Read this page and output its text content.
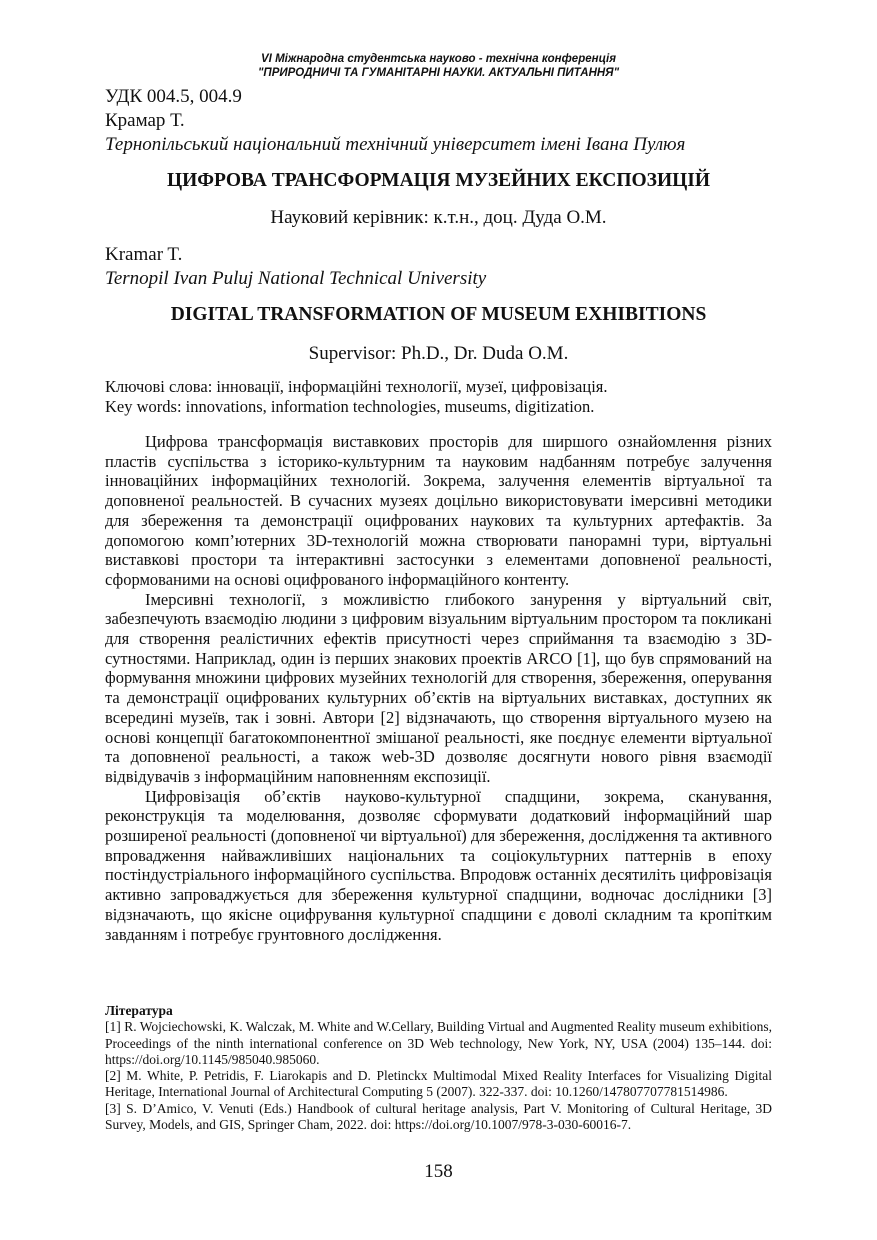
VI Міжнародна студентська науково - технічна конференція
"ПРИРОДНИЧІ ТА ГУМАНІТАРНІ НАУКИ. АКТУАЛЬНІ ПИТАННЯ"
УДК 004.5, 004.9
Крамар Т.
Тернопільський національний технічний університет імені Івана Пулюя
ЦИФРОВА ТРАНСФОРМАЦІЯ МУЗЕЙНИХ ЕКСПОЗИЦІЙ
Науковий керівник: к.т.н., доц. Дуда О.М.
Kramar T.
Ternopil Ivan Puluj National Technical University
DIGITAL TRANSFORMATION OF MUSEUM EXHIBITIONS
Supervisor: Ph.D., Dr. Duda O.M.
Ключові слова: інновації, інформаційні технології, музеї, цифровізація.
Key words: innovations, information technologies, museums, digitization.

Цифрова трансформація виставкових просторів для ширшого ознайомлення різних пластів суспільства з історико-культурним та науковим надбанням потребує залучення інноваційних інформаційних технологій. Зокрема, залучення елементів віртуальної та доповненої реальностей. В сучасних музеях доцільно використовувати імерсивні методики для збереження та демонстрації оцифрованих наукових та культурних артефактів. За допомогою комп’ютерних 3D-технологій можна створювати панорамні тури, віртуальні виставкові простори та інтерактивні застосунки з елементами доповненої реальності, сформованими на основі оцифрованого інформаційного контенту.

Імерсивні технології, з можливістю глибокого занурення у віртуальний світ, забезпечують взаємодію людини з цифровим візуальним віртуальним простором та покликані для створення реалістичних ефектів присутності через сприймання та взаємодію з 3D-сутностями. Наприклад, один із перших знакових проектів ARCO [1], що був спрямований на формування множини цифрових музейних технологій для створення, збереження, оперування та демонстрації оцифрованих культурних об’єктів на віртуальних виставках, доступних як всередині музеїв, так і зовні. Автори [2] відзначають, що створення віртуального музею на основі концепції багатокомпонентної змішаної реальності, яке поєднує елементи віртуальної та доповненої реальності, а також web-3D дозволяє досягнути нового рівня взаємодії відвідувачів з інформаційним наповненням експозиції.

Цифровізація об’єктів науково-культурної спадщини, зокрема, сканування, реконструкція та моделювання, дозволяє сформувати додатковий інформаційний шар розширеної реальності (доповненої чи віртуальної) для збереження, дослідження та активного впровадження найважливіших національних та соціокультурних паттернів в епоху постіндустріального інформаційного суспільства. Впродовж останніх десятиліть цифровізація активно запроваджується для збереження культурної спадщини, водночас дослідники [3] відзначають, що якісне оцифрування культурної спадщини є доволі складним та кропітким завданням і потребує грунтовного дослідження.

Література
[1] R. Wojciechowski, K. Walczak, M. White and W.Cellary, Building Virtual and Augmented Reality museum exhibitions, Proceedings of the ninth international conference on 3D Web technology, New York, NY, USA (2004) 135–144. doi: https://doi.org/10.1145/985040.985060.
[2] M. White, P. Petridis, F. Liarokapis and D. Pletinckx Multimodal Mixed Reality Interfaces for Visualizing Digital Heritage, International Journal of Architectural Computing 5 (2007). 322-337. doi: 10.1260/147807707781514986.
[3] S. D’Amico, V. Venuti (Eds.) Handbook of cultural heritage analysis, Part V. Monitoring of Cultural Heritage, 3D Survey, Models, and GIS, Springer Cham, 2022. doi: https://doi.org/10.1007/978-3-030-60016-7.
158
